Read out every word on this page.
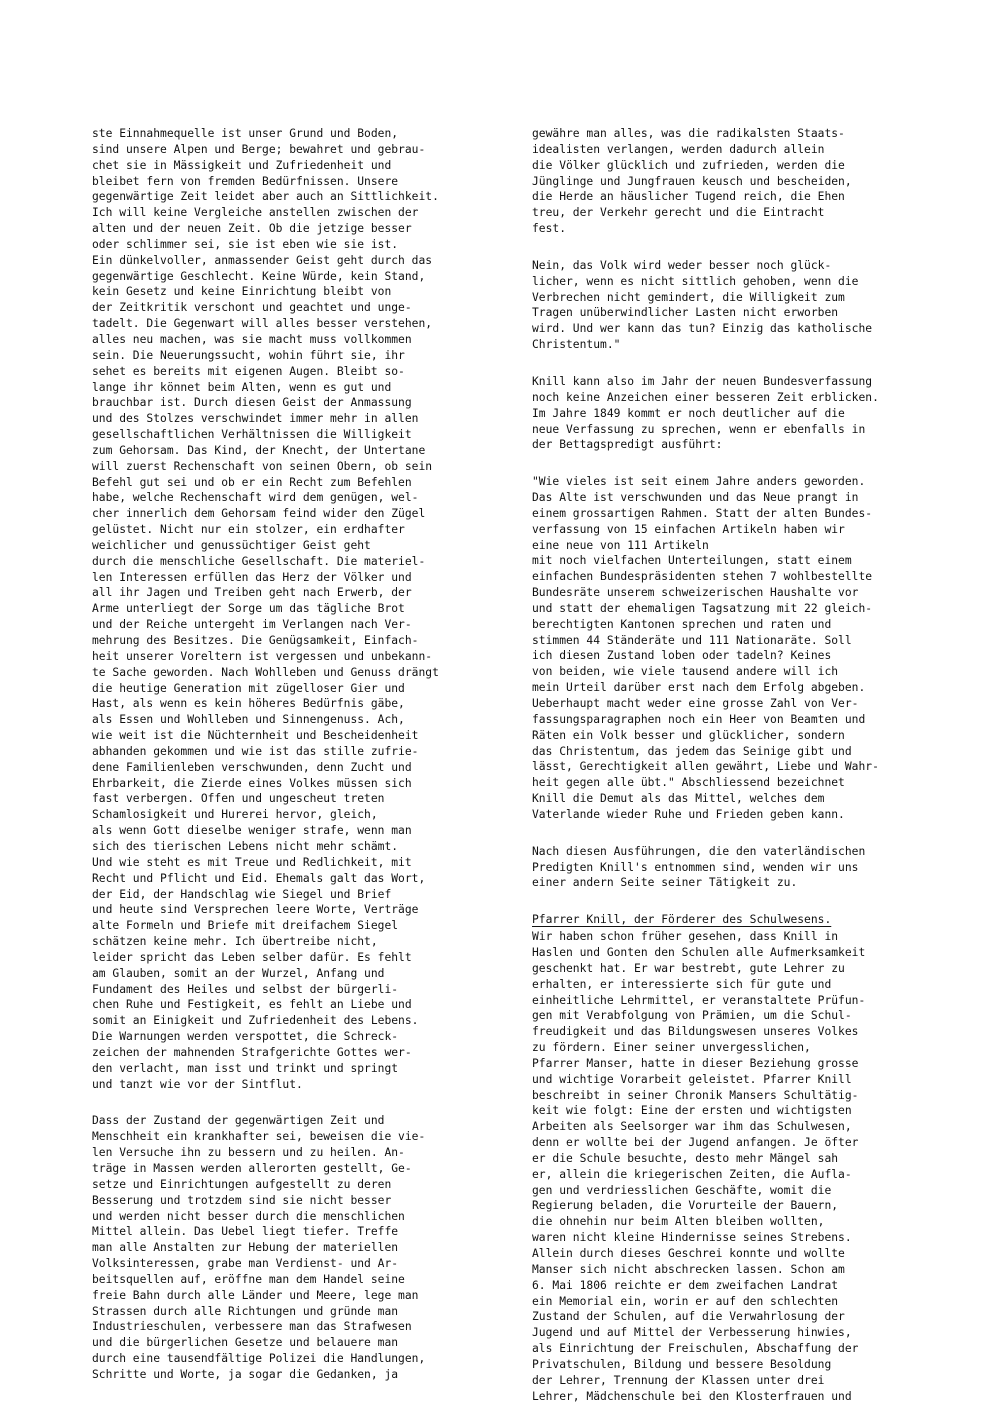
ste Einnahmequelle ist unser Grund und Boden,
sind unsere Alpen und Berge; bewahret und gebrau-
chet sie in Mässigkeit und Zufriedenheit und
bleibet fern von fremden Bedürfnissen. Unsere
gegenwärtige Zeit leidet aber auch an Sittlichkeit.
Ich will keine Vergleiche anstellen zwischen der
alten und der neuen Zeit. Ob die jetzige besser
oder schlimmer sei, sie ist eben wie sie ist.
Ein dünkelvoller, anmassender Geist geht durch das
gegenwärtige Geschlecht. Keine Würde, kein Stand,
kein Gesetz und keine Einrichtung bleibt von
der Zeitkritik verschont und geachtet und unge-
tadelt. Die Gegenwart will alles besser verstehen,
alles neu machen, was sie macht muss vollkommen
sein. Die Neuerungssucht, wohin führt sie, ihr
sehet es bereits mit eigenen Augen. Bleibt so-
lange ihr könnet beim Alten, wenn es gut und
brauchbar ist. Durch diesen Geist der Anmassung
und des Stolzes verschwindet immer mehr in allen
gesellschaftlichen Verhältnissen die Willigkeit
zum Gehorsam. Das Kind, der Knecht, der Untertane
will zuerst Rechenschaft von seinen Obern, ob sein
Befehl gut sei und ob er ein Recht zum Befehlen
habe, welche Rechenschaft wird dem genügen, wel-
cher innerlich dem Gehorsam feind wider den Zügel
gelüstet. Nicht nur ein stolzer, ein erdhafter
weichlicher und genussüchtiger Geist geht
durch die menschliche Gesellschaft. Die materiel-
len Interessen erfüllen das Herz der Völker und
all ihr Jagen und Treiben geht nach Erwerb, der
Arme unterliegt der Sorge um das tägliche Brot
und der Reiche untergeht im Verlangen nach Ver-
mehrung des Besitzes. Die Genügsamkeit, Einfach-
heit unserer Voreltern ist vergessen und unbekann-
te Sache geworden. Nach Wohlleben und Genuss drängt
die heutige Generation mit zügelloser Gier und
Hast, als wenn es kein höheres Bedürfnis gäbe,
als Essen und Wohlleben und Sinnengenuss. Ach,
wie weit ist die Nüchternheit und Bescheidenheit
abhanden gekommen und wie ist das stille zufrie-
dene Familienleben verschwunden, denn Zucht und
Ehrbarkeit, die Zierde eines Volkes müssen sich
fast verbergen. Offen und ungescheut treten
Schamlosigkeit und Hurerei hervor, gleich,
als wenn Gott dieselbe weniger strafe, wenn man
sich des tierischen Lebens nicht mehr schämt.
Und wie steht es mit Treue und Redlichkeit, mit
Recht und Pflicht und Eid. Ehemals galt das Wort,
der Eid, der Handschlag wie Siegel und Brief
und heute sind Versprechen leere Worte, Verträge
alte Formeln und Briefe mit dreifachem Siegel
schätzen keine mehr. Ich übertreibe nicht,
leider spricht das Leben selber dafür. Es fehlt
am Glauben, somit an der Wurzel, Anfang und
Fundament des Heiles und selbst der bürgerli-
chen Ruhe und Festigkeit, es fehlt an Liebe und
somit an Einigkeit und Zufriedenheit des Lebens.
Die Warnungen werden verspottet, die Schreck-
zeichen der mahnenden Strafgerichte Gottes wer-
den verlacht, man isst und trinkt und springt
und tanzt wie vor der Sintflut.
Dass der Zustand der gegenwärtigen Zeit und
Menschheit ein krankhafter sei, beweisen die vie-
len Versuche ihn zu bessern und zu heilen. An-
träge in Massen werden allerorten gestellt, Ge-
setze und Einrichtungen aufgestellt zu deren
Besserung und trotzdem sind sie nicht besser
und werden nicht besser durch die menschlichen
Mittel allein. Das Uebel liegt tiefer. Treffe
man alle Anstalten zur Hebung der materiellen
Volksinteressen, grabe man Verdienst- und Ar-
beitsquellen auf, eröffne man dem Handel seine
freie Bahn durch alle Länder und Meere, lege man
Strassen durch alle Richtungen und gründe man
Industrieschulen, verbessere man das Strafwesen
und die bürgerlichen Gesetze und belauere man
durch eine tausendfältige Polizei die Handlungen,
Schritte und Worte, ja sogar die Gedanken, ja
gewähre man alles, was die radikalsten Staats-
idealisten verlangen, werden dadurch allein
die Völker glücklich und zufrieden, werden die
Jünglinge und Jungfrauen keusch und bescheiden,
die Herde an häuslicher Tugend reich, die Ehen
treu, der Verkehr gerecht und die Eintracht
fest.
Nein, das Volk wird weder besser noch glück-
licher, wenn es nicht sittlich gehoben, wenn die
Verbrechen nicht gemindert, die Willigkeit zum
Tragen unüberwindlicher Lasten nicht erworben
wird. Und wer kann das tun? Einzig das katholische
Christentum."
Knill kann also im Jahr der neuen Bundesverfassung
noch keine Anzeichen einer besseren Zeit erblicken.
Im Jahre 1849 kommt er noch deutlicher auf die
neue Verfassung zu sprechen, wenn er ebenfalls in
der Bettagspredigt ausführt:
"Wie vieles ist seit einem Jahre anders geworden.
Das Alte ist verschwunden und das Neue prangt in
einem grossartigen Rahmen. Statt der alten Bundes-
verfassung von 15 einfachen Artikeln haben wir
eine neue von 111 Artikeln
mit noch vielfachen Unterteilungen, statt einem
einfachen Bundespräsidenten stehen 7 wohlbestellte
Bundesräte unserem schweizerischen Haushalte vor
und statt der ehemaligen Tagsatzung mit 22 gleich-
berechtigten Kantonen sprechen und raten und
stimmen 44 Ständeräte und 111 Nationaräte. Soll
ich diesen Zustand loben oder tadeln? Keines
von beiden, wie viele tausend andere will ich
mein Urteil darüber erst nach dem Erfolg abgeben.
Ueberhaupt macht weder eine grosse Zahl von Ver-
fassungsparagraphen noch ein Heer von Beamten und
Räten ein Volk besser und glücklicher, sondern
das Christentum, das jedem das Seinige gibt und
lässt, Gerechtigkeit allen gewährt, Liebe und Wahr-
heit gegen alle übt." Abschliessend bezeichnet
Knill die Demut als das Mittel, welches dem
Vaterlande wieder Ruhe und Frieden geben kann.
Nach diesen Ausführungen, die den vaterländischen
Predigten Knill's entnommen sind, wenden wir uns
einer andern Seite seiner Tätigkeit zu.
Pfarrer Knill, der Förderer des Schulwesens.
Wir haben schon früher gesehen, dass Knill in
Haslen und Gonten den Schulen alle Aufmerksamkeit
geschenkt hat. Er war bestrebt, gute Lehrer zu
erhalten, er interessierte sich für gute und
einheitliche Lehrmittel, er veranstaltete Prüfun-
gen mit Verabfolgung von Prämien, um die Schul-
freudigkeit und das Bildungswesen unseres Volkes
zu fördern. Einer seiner unvergesslichen,
Pfarrer Manser, hatte in dieser Beziehung grosse
und wichtige Vorarbeit geleistet. Pfarrer Knill
beschreibt in seiner Chronik Mansers Schultätig-
keit wie folgt: Eine der ersten und wichtigsten
Arbeiten als Seelsorger war ihm das Schulwesen,
denn er wollte bei der Jugend anfangen. Je öfter
er die Schule besuchte, desto mehr Mängel sah
er, allein die kriegerischen Zeiten, die Aufla-
gen und verdriesslichen Geschäfte, womit die
Regierung beladen, die Vorurteile der Bauern,
die ohnehin nur beim Alten bleiben wollten,
waren nicht kleine Hindernisse seines Strebens.
Allein durch dieses Geschrei konnte und wollte
Manser sich nicht abschrecken lassen. Schon am
6. Mai 1806 reichte er dem zweifachen Landrat
ein Memorial ein, worin er auf den schlechten
Zustand der Schulen, auf die Verwahrlosung der
Jugend und auf Mittel der Verbesserung hinwies,
als Einrichtung der Freischulen, Abschaffung der
Privatschulen, Bildung und bessere Besoldung
der Lehrer, Trennung der Klassen unter drei
Lehrer, Mädchenschule bei den Klosterfrauen und
